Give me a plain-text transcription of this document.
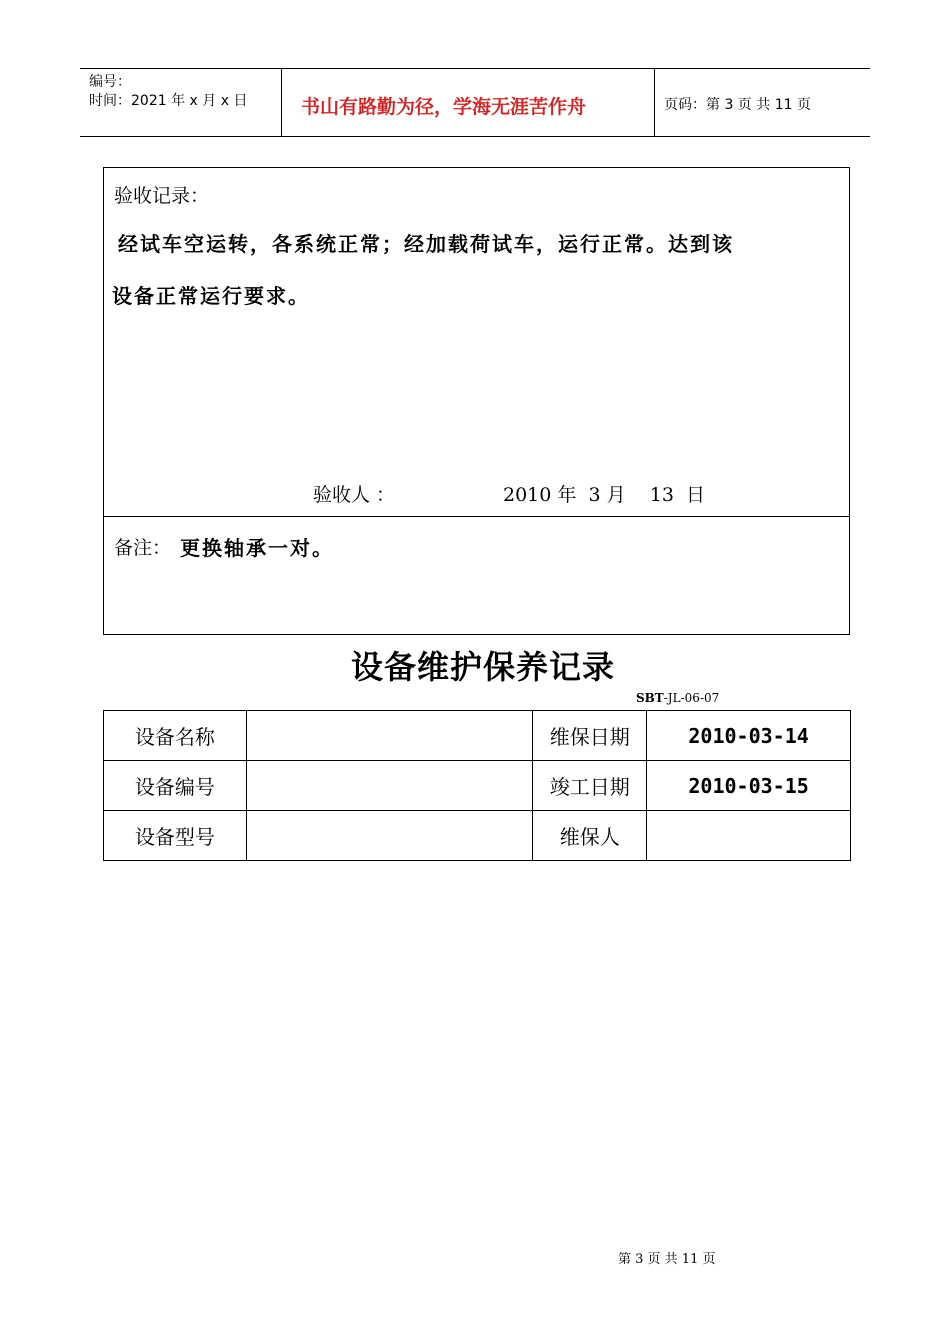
编号：
时间：2021 年 x 月 x 日	书山有路勤为径，学海无涯苦作舟	页码：第 3 页 共 11 页
验收记录：
经试车空运转，各系统正常；经加载荷试车，运行正常。达到该
设备正常运行要求。
验收人 ：	2010 年  3 月    13  日
备注： 更换轴承一对。
设备维护保养记录
SBT-JL-06-07
设备名称		维保日期	2010-03-14
设备编号		竣工日期	2010-03-15
设备型号		维保人	
第 3 页 共 11 页
